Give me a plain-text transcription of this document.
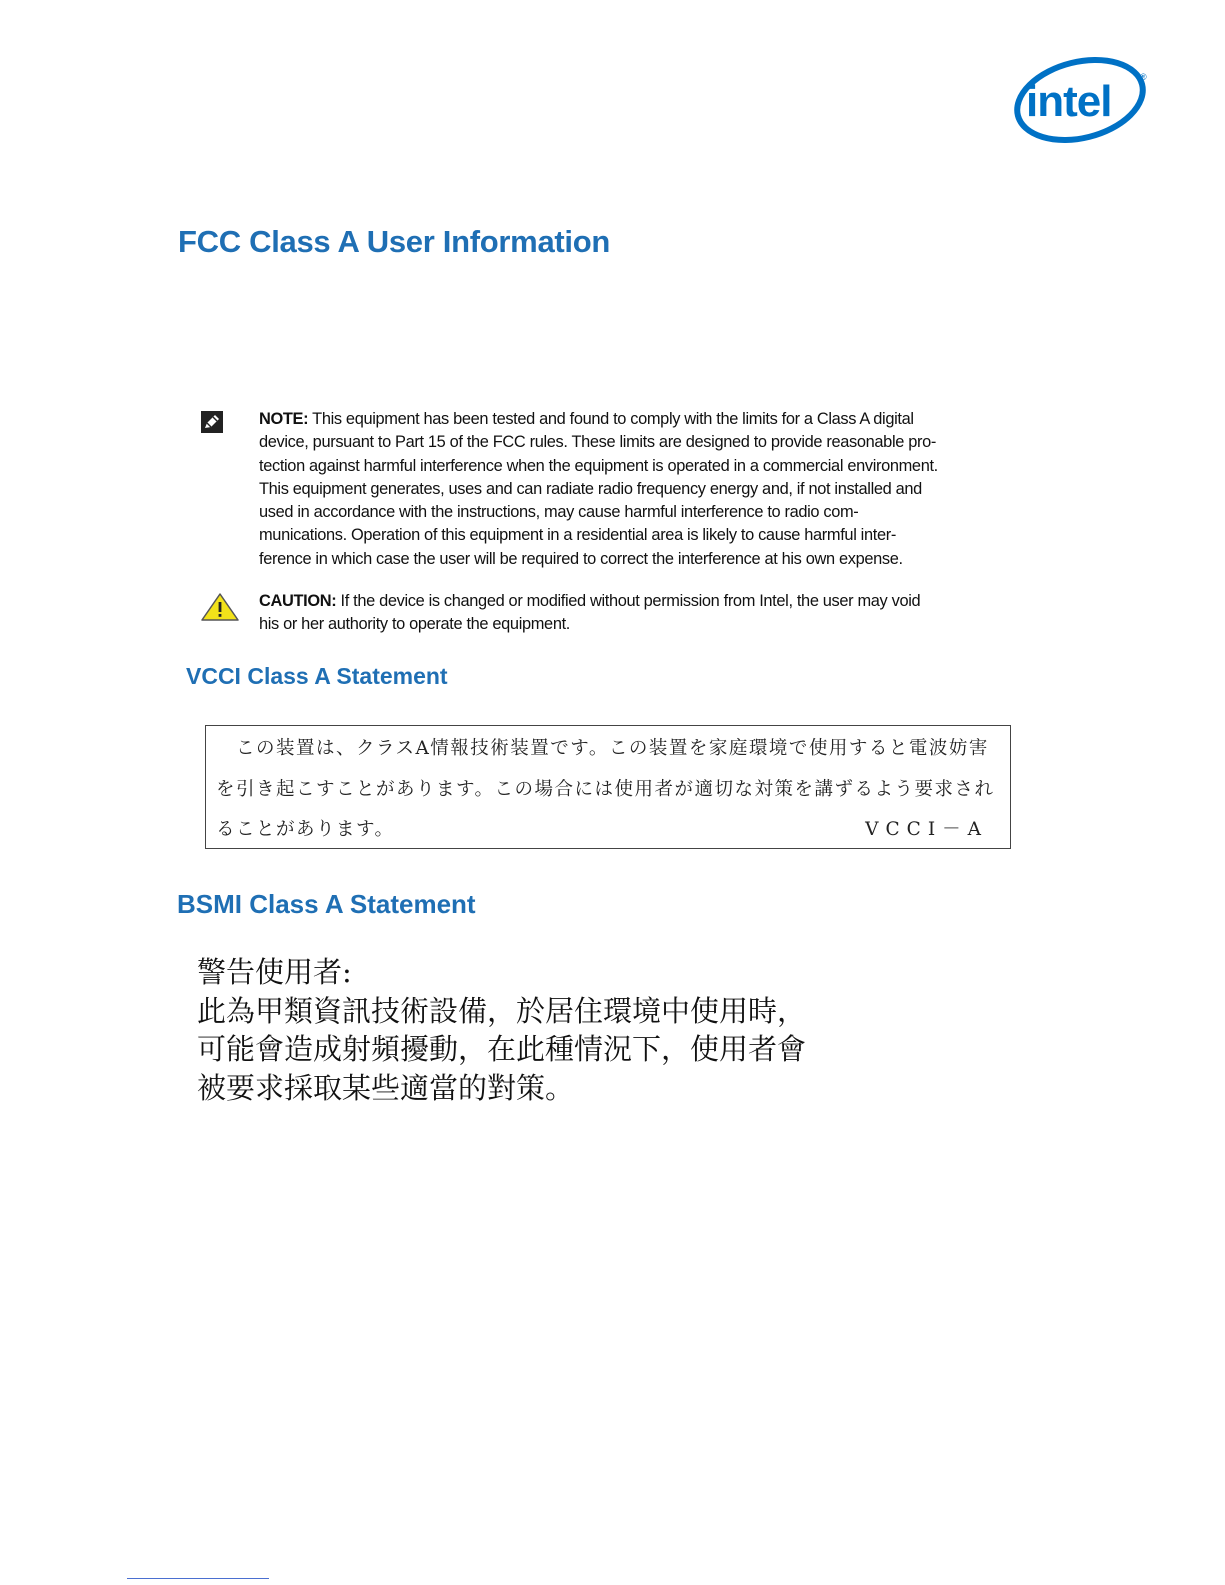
intel	®
FCC Class A User Information
NOTE: This equipment has been tested and found to comply with the limits for a Class A digital
device, pursuant to Part 15 of the FCC rules. These limits are designed to provide reasonable pro-
tection against harmful interference when the equipment is operated in a commercial environment.
This equipment generates, uses and can radiate radio frequency energy and, if not installed and
used in accordance with the instructions, may cause harmful interference to radio com-
munications. Operation of this equipment in a residential area is likely to cause harmful inter-
ference in which case the user will be required to correct the interference at his own expense.
CAUTION: If the device is changed or modified without permission from Intel, the user may void
his or her authority to operate the equipment.
VCCI Class A Statement
この装置は、クラスA情報技術装置です。この装置を家庭環境で使用すると電波妨害
を引き起こすことがあります。この場合には使用者が適切な対策を講ずるよう要求され
ることがあります。	VCCI－A
BSMI Class A Statement
警告使用者:
此為甲類資訊技術設備，於居住環境中使用時，
可能會造成射頻擾動，在此種情況下，使用者會
被要求採取某些適當的對策。
